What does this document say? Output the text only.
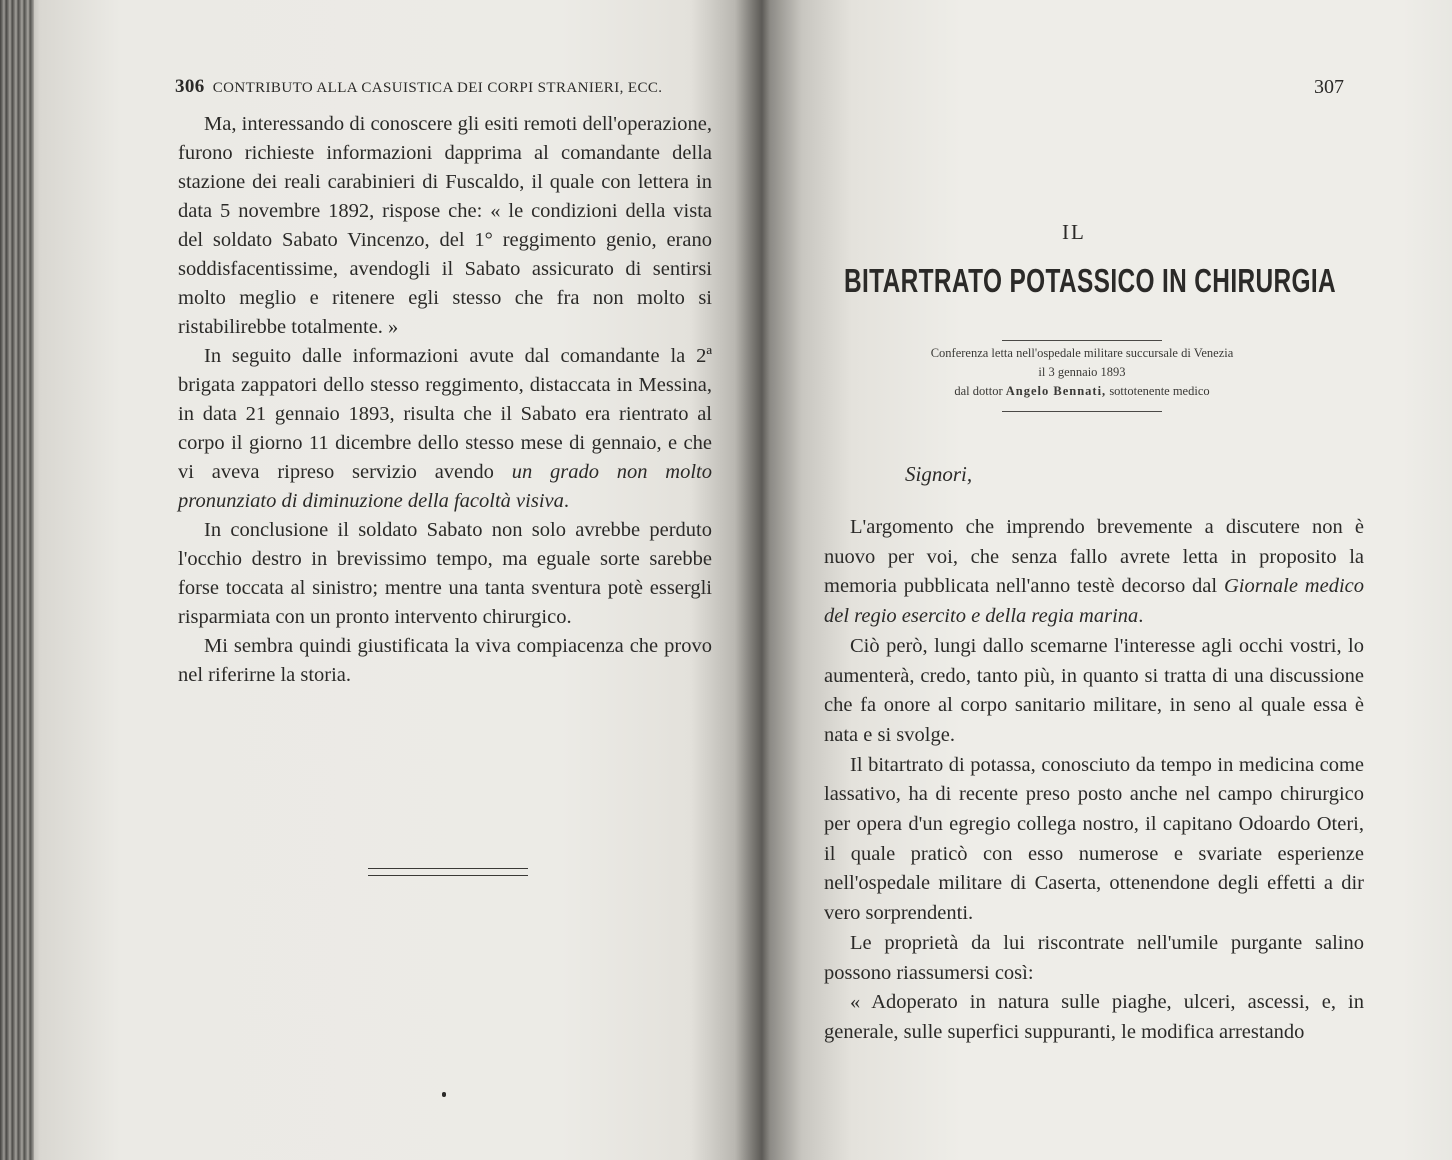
306 CONTRIBUTO ALLA CASUISTICA DEI CORPI STRANIERI, ECC.

Ma, interessando di conoscere gli esiti remoti dell'operazione, furono richieste informazioni dapprima al comandante della stazione dei reali carabinieri di Fuscaldo, il quale con lettera in data 5 novembre 1892, rispose che: « le condizioni della vista del soldato Sabato Vincenzo, del 1° reggimento genio, erano soddisfacentissime, avendogli il Sabato assicurato di sentirsi molto meglio e ritenere egli stesso che fra non molto si ristabilirebbe totalmente. »

In seguito dalle informazioni avute dal comandante la 2ª brigata zappatori dello stesso reggimento, distaccata in Messina, in data 21 gennaio 1893, risulta che il Sabato era rientrato al corpo il giorno 11 dicembre dello stesso mese di gennaio, e che vi aveva ripreso servizio avendo un grado non molto pronunziato di diminuzione della facoltà visiva.

In conclusione il soldato Sabato non solo avrebbe perduto l'occhio destro in brevissimo tempo, ma eguale sorte sarebbe forse toccata al sinistro; mentre una tanta sventura potè essergli risparmiata con un pronto intervento chirurgico.

Mi sembra quindi giustificata la viva compiacenza che provo nel riferirne la storia.

307
IL
BITARTRATO POTASSICO IN CHIRURGIA
Conferenza letta nell'ospedale militare succursale di Venezia
il 3 gennaio 1893
dal dottor Angelo Bennati, sottotenente medico
Signori,

L'argomento che imprendo brevemente a discutere non è nuovo per voi, che senza fallo avrete letta in proposito la memoria pubblicata nell'anno testè decorso dal Giornale medico del regio esercito e della regia marina.

Ciò però, lungi dallo scemarne l'interesse agli occhi vostri, lo aumenterà, credo, tanto più, in quanto si tratta di una discussione che fa onore al corpo sanitario militare, in seno al quale essa è nata e si svolge.

Il bitartrato di potassa, conosciuto da tempo in medicina come lassativo, ha di recente preso posto anche nel campo chirurgico per opera d'un egregio collega nostro, il capitano Odoardo Oteri, il quale praticò con esso numerose e svariate esperienze nell'ospedale militare di Caserta, ottenendone degli effetti a dir vero sorprendenti.

Le proprietà da lui riscontrate nell'umile purgante salino possono riassumersi così:

« Adoperato in natura sulle piaghe, ulceri, ascessi, e, in generale, sulle superfici suppuranti, le modifica arrestando
